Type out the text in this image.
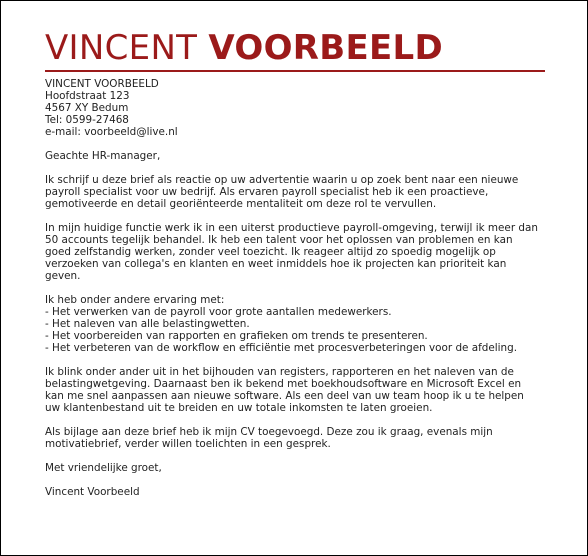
VINCENT VOORBEELD
VINCENT VOORBEELD
Hoofdstraat 123
4567 XY Bedum
Tel: 0599-27468
e-mail: voorbeeld@live.nl
Geachte HR-manager,
Ik schrijf u deze brief als reactie op uw advertentie waarin u op zoek bent naar een nieuwe
payroll specialist voor uw bedrijf. Als ervaren payroll specialist heb ik een proactieve,
gemotiveerde en detail georiënteerde mentaliteit om deze rol te vervullen.
In mijn huidige functie werk ik in een uiterst productieve payroll-omgeving, terwijl ik meer dan
50 accounts tegelijk behandel. Ik heb een talent voor het oplossen van problemen en kan
goed zelfstandig werken, zonder veel toezicht. Ik reageer altijd zo spoedig mogelijk op
verzoeken van collega's en klanten en weet inmiddels hoe ik projecten kan prioriteit kan
geven.
Ik heb onder andere ervaring met:
- Het verwerken van de payroll voor grote aantallen medewerkers.
- Het naleven van alle belastingwetten.
- Het voorbereiden van rapporten en grafieken om trends te presenteren.
- Het verbeteren van de workflow en efficiëntie met procesverbeteringen voor de afdeling.
Ik blink onder ander uit in het bijhouden van registers, rapporteren en het naleven van de
belastingwetgeving. Daarnaast ben ik bekend met boekhoudsoftware en Microsoft Excel en
kan me snel aanpassen aan nieuwe software. Als een deel van uw team hoop ik u te helpen
uw klantenbestand uit te breiden en uw totale inkomsten te laten groeien.
Als bijlage aan deze brief heb ik mijn CV toegevoegd. Deze zou ik graag, evenals mijn
motivatiebrief, verder willen toelichten in een gesprek.
Met vriendelijke groet,
Vincent Voorbeeld
